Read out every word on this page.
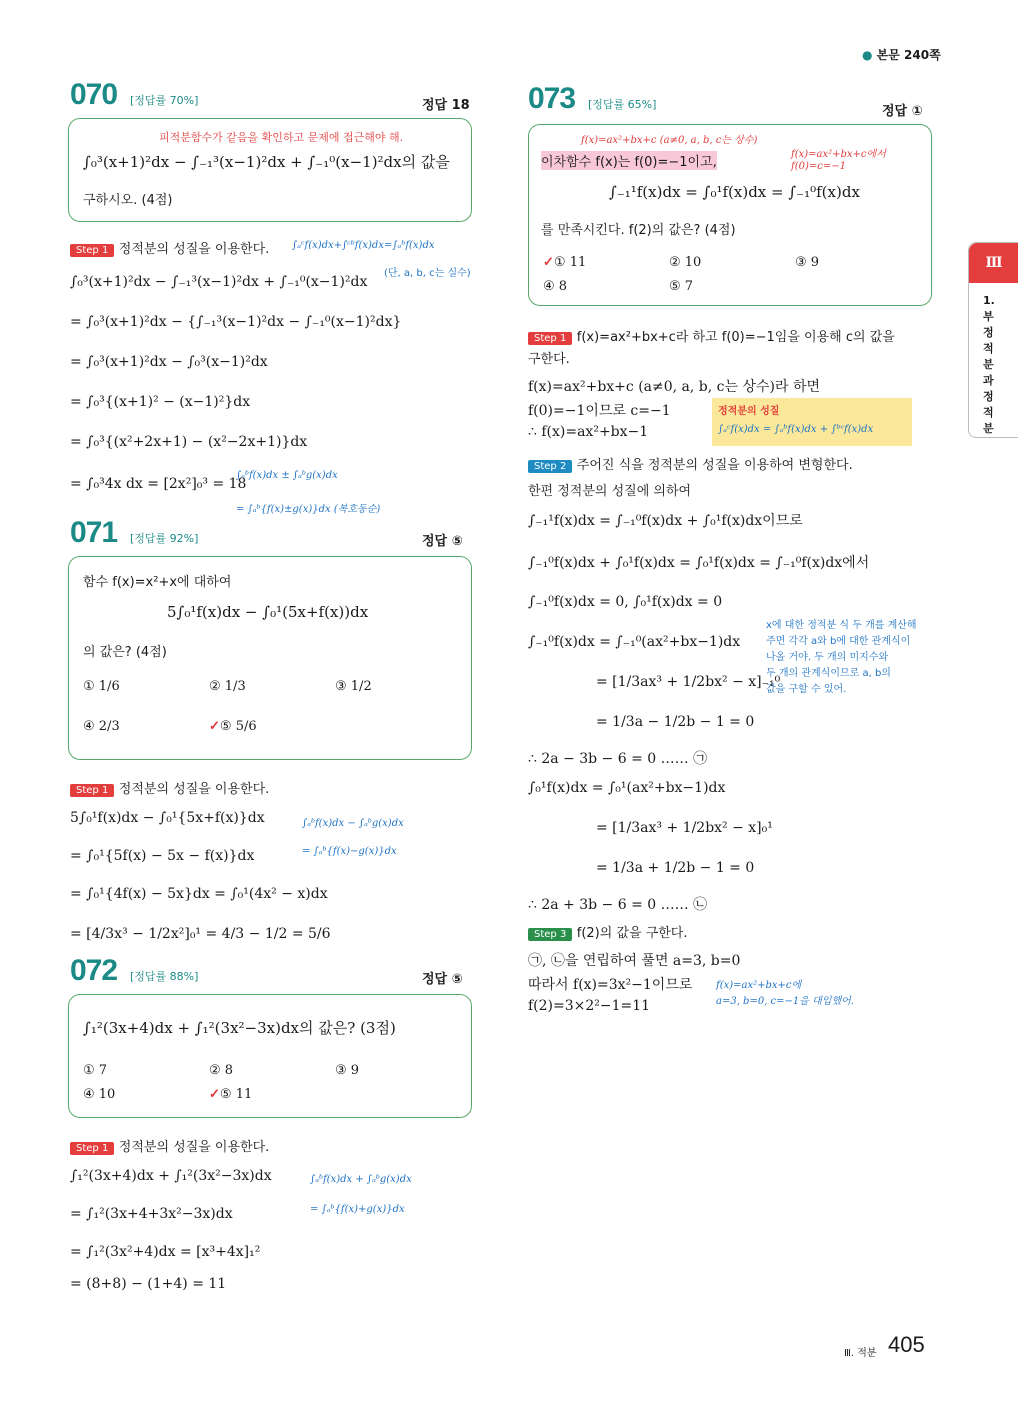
● 본문 240쪽
Ⅲ
1. 부정적분과 정적분
070 [정답률 70%]	정답 18
피적분함수가 같음을 확인하고 문제에 접근해야 해.
∫₀³(x+1)²dx − ∫₋₁³(x−1)²dx + ∫₋₁⁰(x−1)²dx의 값을
구하시오. (4점)
Step 1 정적분의 성질을 이용한다. ∫ₐᶜf(x)dx+∫ᶜᵇf(x)dx=∫ₐᵇf(x)dx
(단, a, b, c는 실수)
∫₀³(x+1)²dx − ∫₋₁³(x−1)²dx + ∫₋₁⁰(x−1)²dx
= ∫₀³(x+1)²dx − {∫₋₁³(x−1)²dx − ∫₋₁⁰(x−1)²dx}
= ∫₀³(x+1)²dx − ∫₀³(x−1)²dx
= ∫₀³{(x+1)² − (x−1)²}dx
= ∫₀³{(x²+2x+1) − (x²−2x+1)}dx
= ∫₀³4x dx = [2x²]₀³ = 18
∫ₐᵇf(x)dx ± ∫ₐᵇg(x)dx
= ∫ₐᵇ{f(x)±g(x)}dx (복호동순)
071 [정답률 92%]	정답 ⑤
함수 f(x)=x²+x에 대하여
5∫₀¹f(x)dx − ∫₀¹(5x+f(x))dx
의 값은? (4점)
① 1/6	② 1/3	③ 1/2
④ 2/3	✓⑤ 5/6
Step 1 정적분의 성질을 이용한다.
5∫₀¹f(x)dx − ∫₀¹{5x+f(x)}dx
= ∫₀¹{5f(x) − 5x − f(x)}dx
= ∫₀¹{4f(x) − 5x}dx = ∫₀¹(4x² − x)dx
= [4/3x³ − 1/2x²]₀¹ = 4/3 − 1/2 = 5/6
∫ₐᵇf(x)dx − ∫ₐᵇg(x)dx
= ∫ₐᵇ{f(x)−g(x)}dx
072 [정답률 88%]	정답 ⑤
∫₁²(3x+4)dx + ∫₁²(3x²−3x)dx의 값은? (3점)
① 7	② 8	③ 9
④ 10	✓⑤ 11
Step 1 정적분의 성질을 이용한다.
∫₁²(3x+4)dx + ∫₁²(3x²−3x)dx
= ∫₁²(3x+4+3x²−3x)dx
= ∫₁²(3x²+4)dx = [x³+4x]₁²
= (8+8) − (1+4) = 11
∫ₐᵇf(x)dx + ∫ₐᵇg(x)dx
= ∫ₐᵇ{f(x)+g(x)}dx
073 [정답률 65%]	정답 ①
f(x)=ax²+bx+c (a≠0, a, b, c는 상수)
f(x)=ax²+bx+c에서
f(0)=c=−1
이차함수 f(x)는 f(0)=−1이고,
∫₋₁¹f(x)dx = ∫₀¹f(x)dx = ∫₋₁⁰f(x)dx
를 만족시킨다. f(2)의 값은? (4점)
✓① 11	② 10	③ 9
④ 8	⑤ 7
Step 1 f(x)=ax²+bx+c라 하고 f(0)=−1임을 이용해 c의 값을
구한다.
f(x)=ax²+bx+c (a≠0, a, b, c는 상수)라 하면
f(0)=−1이므로 c=−1
∴ f(x)=ax²+bx−1
정적분의 성질
∫ₐᶜf(x)dx = ∫ₐᵇf(x)dx + ∫ᵇᶜf(x)dx
Step 2 주어진 식을 정적분의 성질을 이용하여 변형한다.
한편 정적분의 성질에 의하여
∫₋₁¹f(x)dx = ∫₋₁⁰f(x)dx + ∫₀¹f(x)dx이므로
∫₋₁⁰f(x)dx + ∫₀¹f(x)dx = ∫₀¹f(x)dx = ∫₋₁⁰f(x)dx에서
∫₋₁⁰f(x)dx = 0, ∫₀¹f(x)dx = 0
∫₋₁⁰f(x)dx = ∫₋₁⁰(ax²+bx−1)dx
= [1/3ax³ + 1/2bx² − x]₋₁⁰
= 1/3a − 1/2b − 1 = 0
∴ 2a − 3b − 6 = 0 …… ㉠
∫₀¹f(x)dx = ∫₀¹(ax²+bx−1)dx
= [1/3ax³ + 1/2bx² − x]₀¹
= 1/3a + 1/2b − 1 = 0
∴ 2a + 3b − 6 = 0 …… ㉡
x에 대한 정적분 식 두 개를 계산해
주면 각각 a와 b에 대한 관계식이
나올 거야. 두 개의 미지수와
두 개의 관계식이므로 a, b의
값을 구할 수 있어.
Step 3 f(2)의 값을 구한다.
㉠, ㉡을 연립하여 풀면 a=3, b=0
따라서 f(x)=3x²−1이므로
f(2)=3×2²−1=11
f(x)=ax²+bx+c에
a=3, b=0, c=−1을 대입했어.
Ⅲ. 적분 405
